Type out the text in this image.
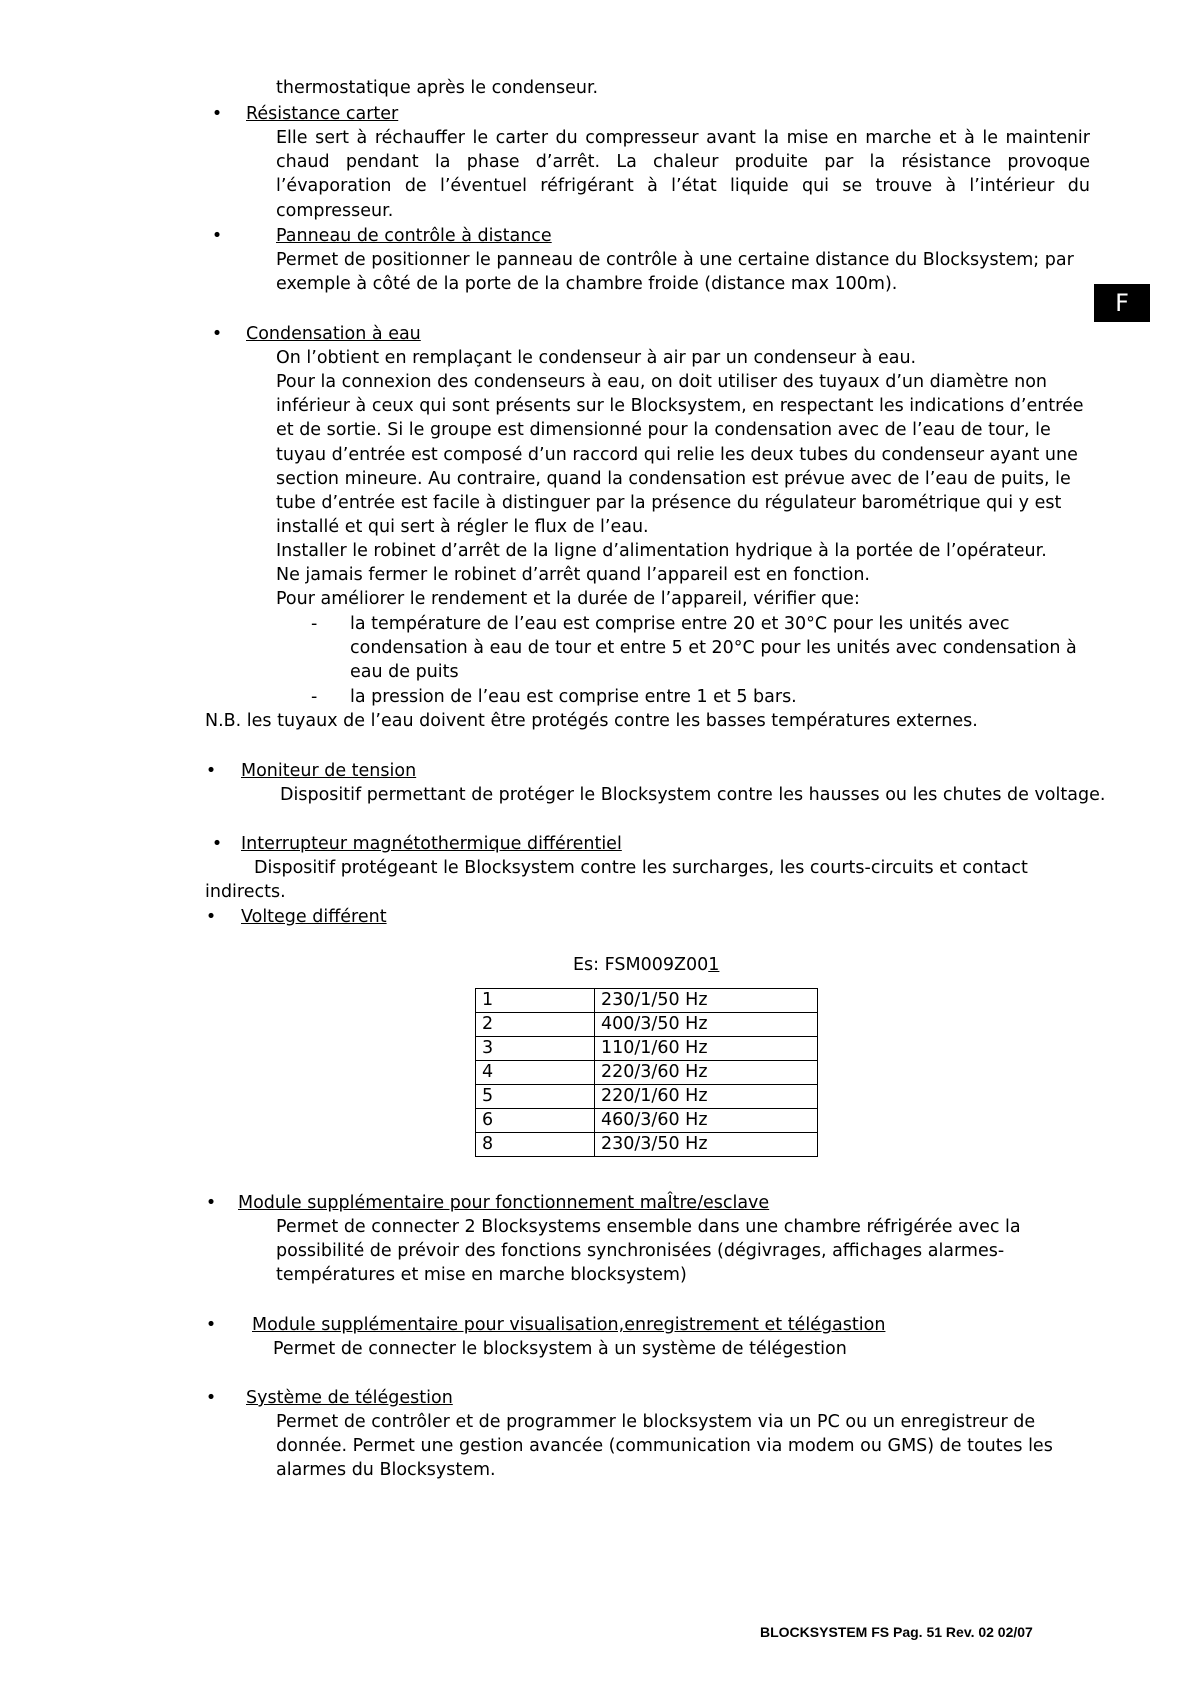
F
thermostatique après le condenseur.
• Résistance carter
Elle sert à réchauffer le carter du compresseur avant la mise en marche et à le maintenir chaud pendant la phase d’arrêt. La chaleur produite par la résistance provoque l’évaporation de l’éventuel réfrigérant à l’état liquide qui se trouve à l’intérieur du compresseur.
•	Panneau de contrôle à distance
Permet de positionner le panneau de contrôle à une certaine distance du Blocksystem; par exemple à côté de la porte de la chambre froide (distance max 100m).
• Condensation à eau
On l’obtient en remplaçant le condenseur à air par un condenseur à eau.
Pour la connexion des condenseurs à eau, on doit utiliser des tuyaux d’un diamètre non inférieur à ceux qui sont présents sur le Blocksystem, en respectant les indications d’entrée et de sortie. Si le groupe est dimensionné pour la condensation avec de l’eau de tour, le tuyau d’entrée est composé d’un raccord qui relie les deux tubes du condenseur ayant une section mineure. Au contraire, quand la condensation est prévue avec de l’eau de puits, le tube d’entrée est facile à distinguer par la présence du régulateur barométrique qui y est installé et qui sert à régler le flux de l’eau.
Installer le robinet d’arrêt de la ligne d’alimentation hydrique à la portée de l’opérateur.
Ne jamais fermer le robinet d’arrêt quand l’appareil est en fonction.
Pour améliorer le rendement et la durée de l’appareil, vérifier que:
- la température de l’eau est comprise entre 20 et 30°C pour les unités avec condensation à eau de tour et entre 5 et 20°C pour les unités avec condensation à eau de puits
- la pression de l’eau est comprise entre 1 et 5 bars.
N.B. les tuyaux de l’eau doivent être protégés contre les basses températures externes.
• Moniteur de tension
Dispositif permettant de protéger le Blocksystem contre les hausses ou les chutes de voltage.
• Interrupteur magnétothermique différentiel
Dispositif protégeant le Blocksystem contre les surcharges, les courts-circuits et contact
indirects.
• Voltege différent
Es: FSM009Z001
1	230/1/50 Hz
2	400/3/50 Hz
3	110/1/60 Hz
4	220/3/60 Hz
5	220/1/60 Hz
6	460/3/60 Hz
8	230/3/50 Hz
• Module supplémentaire pour fonctionnement maÎtre/esclave
Permet de connecter 2 Blocksystems ensemble dans une chambre réfrigérée avec la
possibilité de prévoir des fonctions synchronisées (dégivrages, affichages alarmes-
températures et mise en marche blocksystem)
• Module supplémentaire pour visualisation,enregistrement et télégastion
Permet de connecter le blocksystem à un système de télégestion
• Système de télégestion
Permet de contrôler et de programmer le blocksystem via un PC ou un enregistreur de
donnée. Permet une gestion avancée (communication via modem ou GMS) de toutes les
alarmes du Blocksystem.
BLOCKSYSTEM FS Pag. 51 Rev. 02 02/07
